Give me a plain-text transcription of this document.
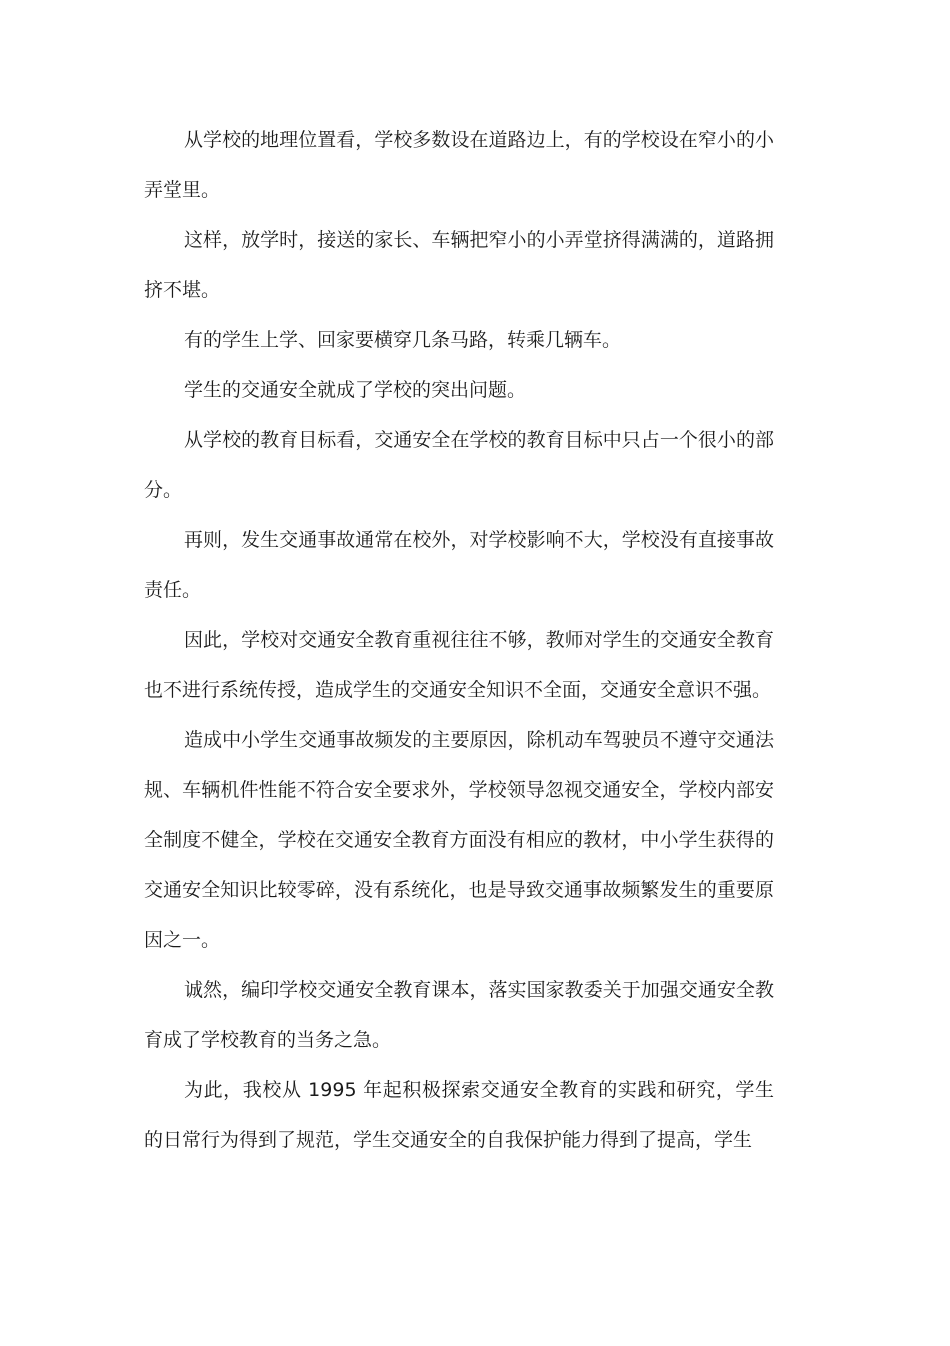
从学校的地理位置看，学校多数设在道路边上，有的学校设在窄小的小弄堂里。

这样，放学时，接送的家长、车辆把窄小的小弄堂挤得满满的，道路拥挤不堪。

有的学生上学、回家要横穿几条马路，转乘几辆车。

学生的交通安全就成了学校的突出问题。

从学校的教育目标看，交通安全在学校的教育目标中只占一个很小的部分。

再则，发生交通事故通常在校外，对学校影响不大，学校没有直接事故责任。

因此，学校对交通安全教育重视往往不够，教师对学生的交通安全教育也不进行系统传授，造成学生的交通安全知识不全面，交通安全意识不强。

造成中小学生交通事故频发的主要原因，除机动车驾驶员不遵守交通法规、车辆机件性能不符合安全要求外，学校领导忽视交通安全，学校内部安全制度不健全，学校在交通安全教育方面没有相应的教材，中小学生获得的交通安全知识比较零碎，没有系统化，也是导致交通事故频繁发生的重要原因之一。

诚然，编印学校交通安全教育课本，落实国家教委关于加强交通安全教育成了学校教育的当务之急。

为此，我校从 1995 年起积极探索交通安全教育的实践和研究，学生的日常行为得到了规范，学生交通安全的自我保护能力得到了提高，学生
